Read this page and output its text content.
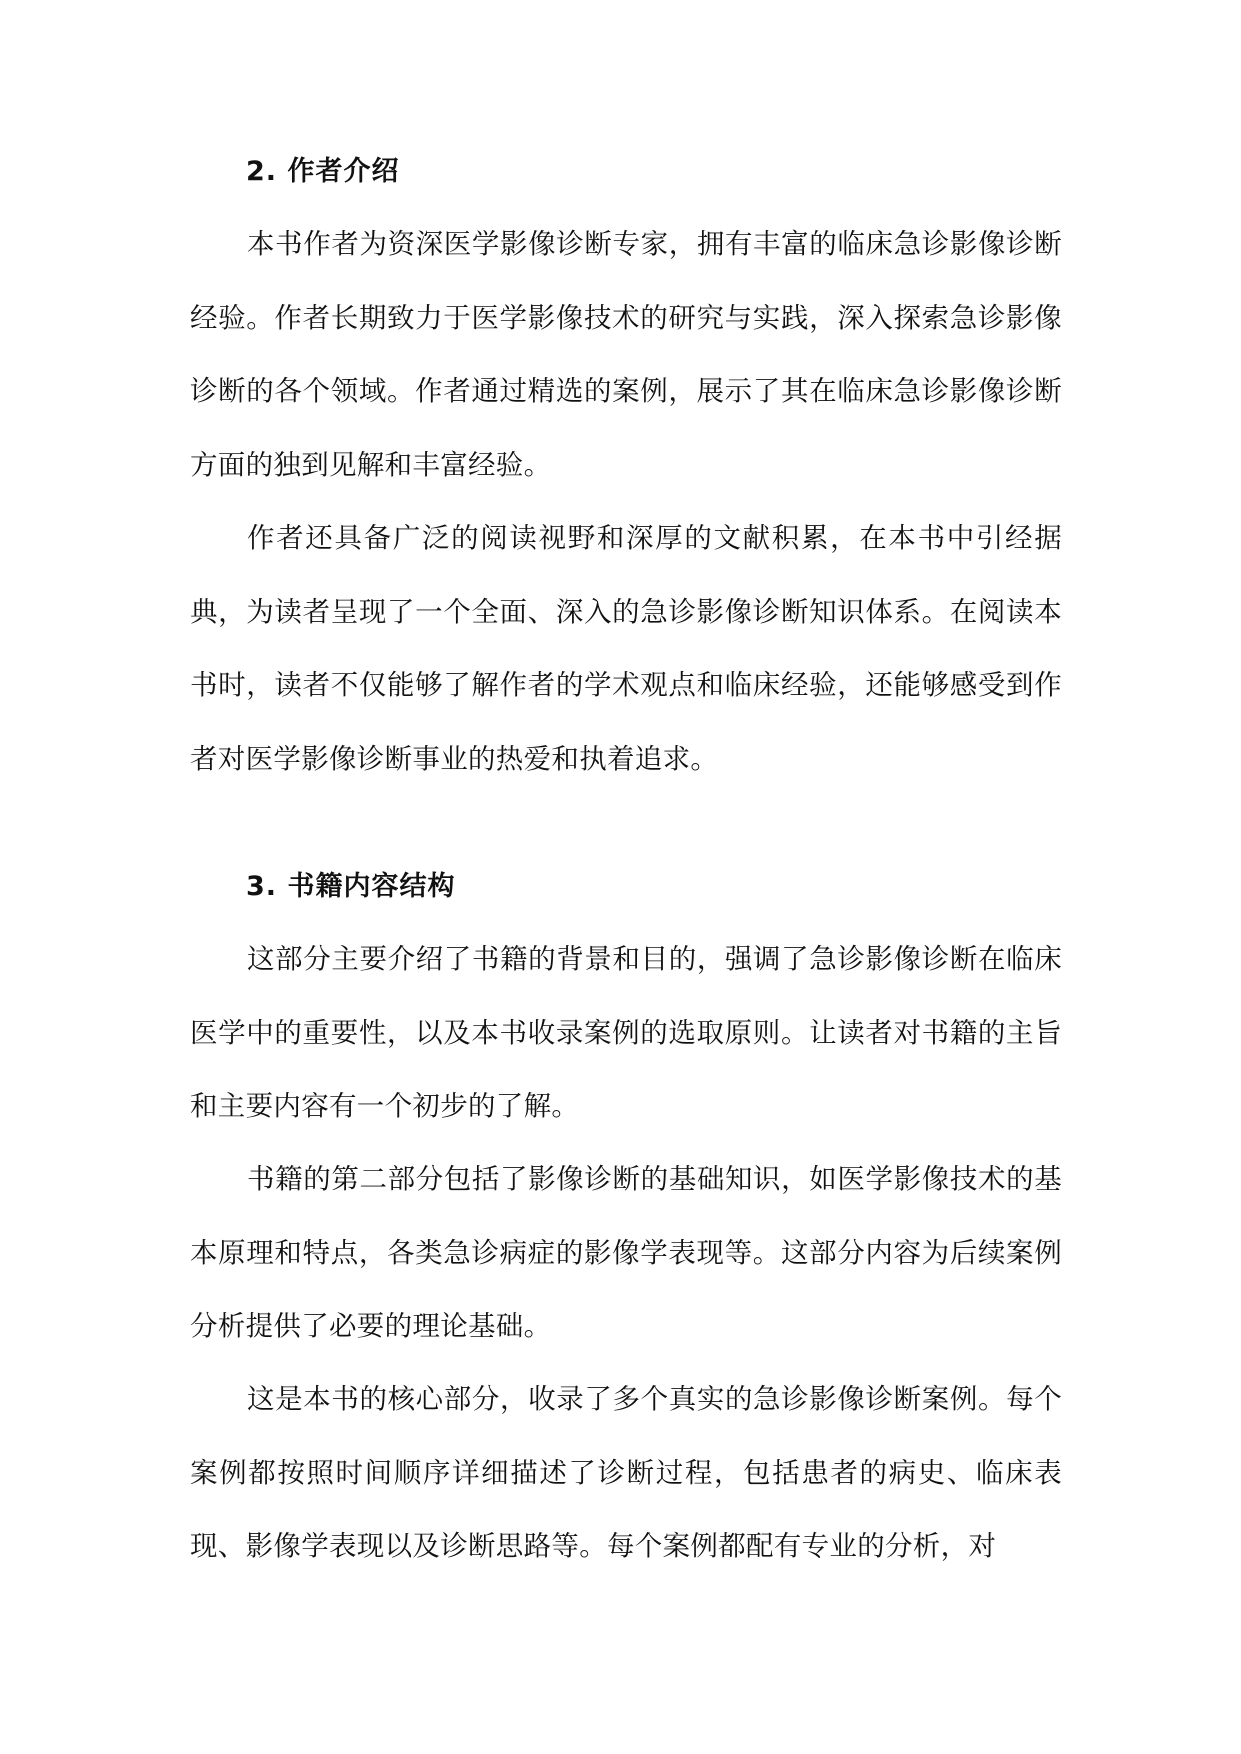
2. 作者介绍

本书作者为资深医学影像诊断专家，拥有丰富的临床急诊影像诊断经验。作者长期致力于医学影像技术的研究与实践，深入探索急诊影像诊断的各个领域。作者通过精选的案例，展示了其在临床急诊影像诊断方面的独到见解和丰富经验。

作者还具备广泛的阅读视野和深厚的文献积累，在本书中引经据典，为读者呈现了一个全面、深入的急诊影像诊断知识体系。在阅读本书时，读者不仅能够了解作者的学术观点和临床经验，还能够感受到作者对医学影像诊断事业的热爱和执着追求。

3. 书籍内容结构

这部分主要介绍了书籍的背景和目的，强调了急诊影像诊断在临床医学中的重要性，以及本书收录案例的选取原则。让读者对书籍的主旨和主要内容有一个初步的了解。

书籍的第二部分包括了影像诊断的基础知识，如医学影像技术的基本原理和特点，各类急诊病症的影像学表现等。这部分内容为后续案例分析提供了必要的理论基础。

这是本书的核心部分，收录了多个真实的急诊影像诊断案例。每个案例都按照时间顺序详细描述了诊断过程，包括患者的病史、临床表现、影像学表现以及诊断思路等。每个案例都配有专业的分析，对
